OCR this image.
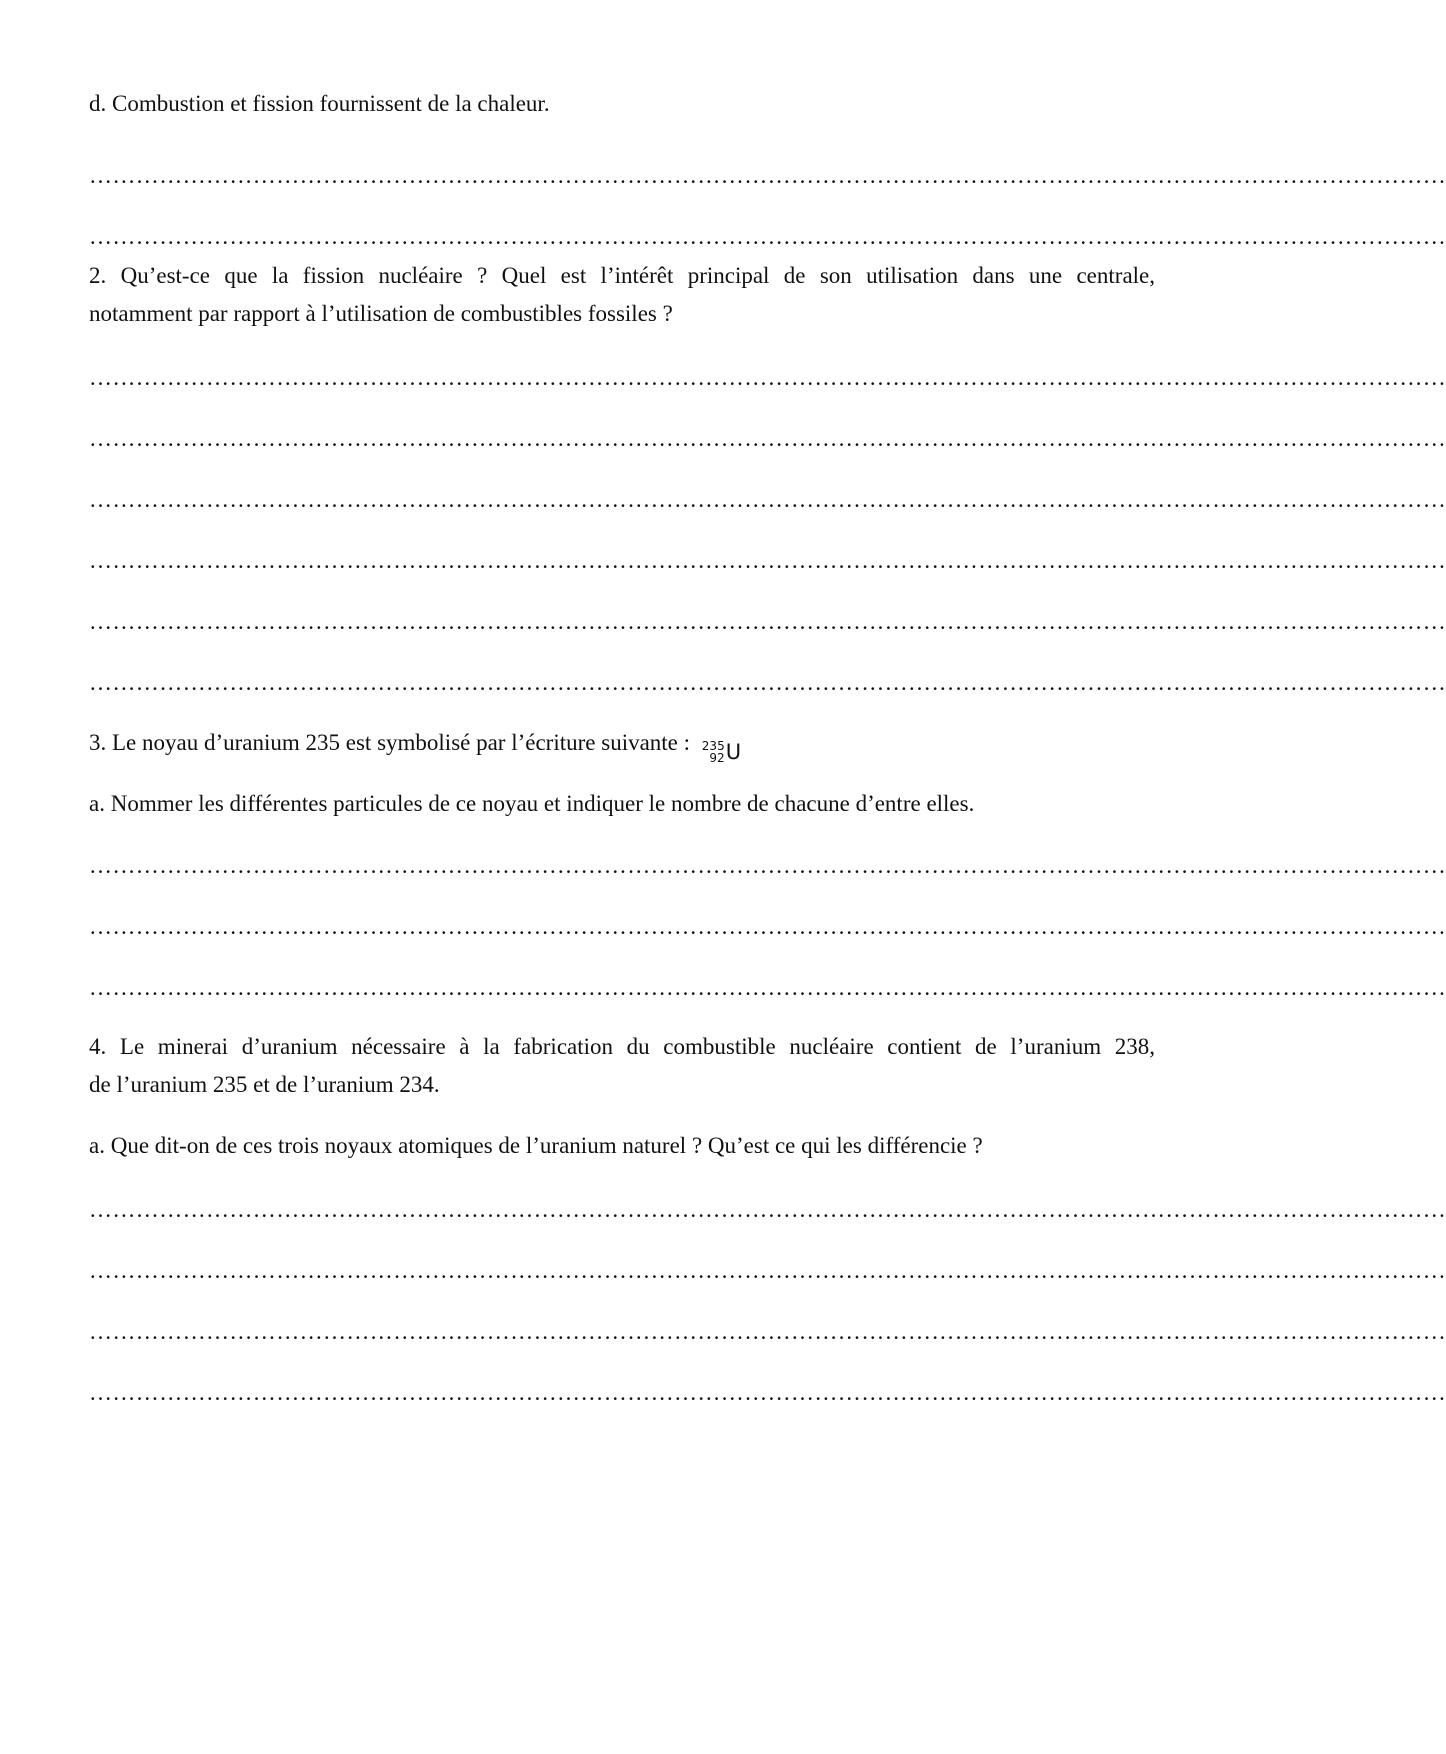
d. Combustion et fission fournissent de la chaleur.

…………………………………………………………………………………………………………………………………………………………
…………………………………………………………………………………………………………………………………………………………

2. Qu’est-ce que la fission nucléaire ? Quel est l’intérêt principal de son utilisation dans une centrale,

notamment par rapport à l’utilisation de combustibles fossiles ?

…………………………………………………………………………………………………………………………………………………………
…………………………………………………………………………………………………………………………………………………………
…………………………………………………………………………………………………………………………………………………………
…………………………………………………………………………………………………………………………………………………………
…………………………………………………………………………………………………………………………………………………………
…………………………………………………………………………………………………………………………………………………………

3. Le noyau d’uranium 235 est symbolisé par l’écriture suivante : 235
92 U

a. Nommer les différentes particules de ce noyau et indiquer le nombre de chacune d’entre elles.

…………………………………………………………………………………………………………………………………………………………
…………………………………………………………………………………………………………………………………………………………
…………………………………………………………………………………………………………………………………………………………

4. Le minerai d’uranium nécessaire à la fabrication du combustible nucléaire contient de l’uranium 238,

de l’uranium 235 et de l’uranium 234.

a. Que dit-on de ces trois noyaux atomiques de l’uranium naturel ? Qu’est ce qui les différencie ?

…………………………………………………………………………………………………………………………………………………………
…………………………………………………………………………………………………………………………………………………………
…………………………………………………………………………………………………………………………………………………………
…………………………………………………………………………………………………………………………………………………………
